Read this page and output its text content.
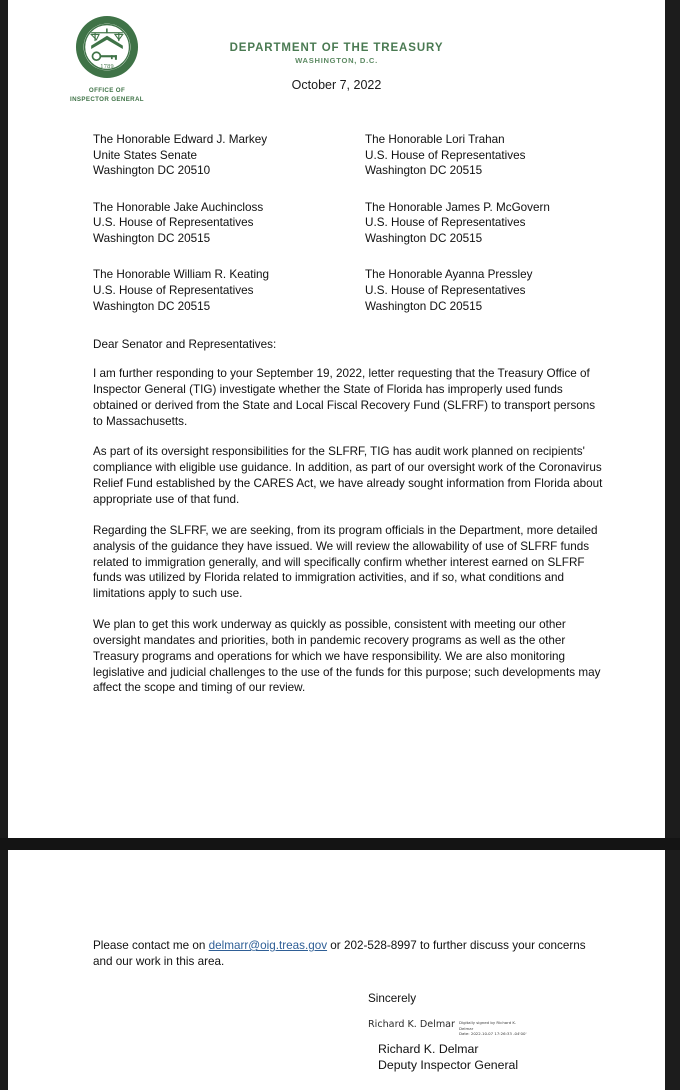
1789
OFFICE OF
INSPECTOR GENERAL
DEPARTMENT OF THE TREASURY
WASHINGTON, D.C.
October 7, 2022
The Honorable Edward J. Markey
Unite States Senate
Washington DC 20510
The Honorable Lori Trahan
U.S. House of Representatives
Washington DC 20515
The Honorable Jake Auchincloss
U.S. House of Representatives
Washington DC 20515
The Honorable James P. McGovern
U.S. House of Representatives
Washington DC 20515
The Honorable William R. Keating
U.S. House of Representatives
Washington DC 20515
The Honorable Ayanna Pressley
U.S. House of Representatives
Washington DC 20515
Dear Senator and Representatives:

I am further responding to your September 19, 2022, letter requesting that the Treasury Office of Inspector General (TIG) investigate whether the State of Florida has improperly used funds obtained or derived from the State and Local Fiscal Recovery Fund (SLFRF) to transport persons to Massachusetts.

As part of its oversight responsibilities for the SLFRF, TIG has audit work planned on recipients' compliance with eligible use guidance. In addition, as part of our oversight work of the Coronavirus Relief Fund established by the CARES Act, we have already sought information from Florida about appropriate use of that fund.

Regarding the SLFRF, we are seeking, from its program officials in the Department, more detailed analysis of the guidance they have issued. We will review the allowability of use of SLFRF funds related to immigration generally, and will specifically confirm whether interest earned on SLFRF funds was utilized by Florida related to immigration activities, and if so, what conditions and limitations apply to such use.

We plan to get this work underway as quickly as possible, consistent with meeting our other oversight mandates and priorities, both in pandemic recovery programs as well as the other Treasury programs and operations for which we have responsibility. We are also monitoring legislative and judicial challenges to the use of the funds for this purpose; such developments may affect the scope and timing of our review.

Please contact me on delmarr@oig.treas.gov or 202-528-8997 to further discuss your concerns and our work in this area.
Sincerely
Richard K. Delmar Digitally signed by Richard K.
Delmar
Date: 2022.10.07 17:26:33 -04'00'
Richard K. Delmar
Deputy Inspector General
